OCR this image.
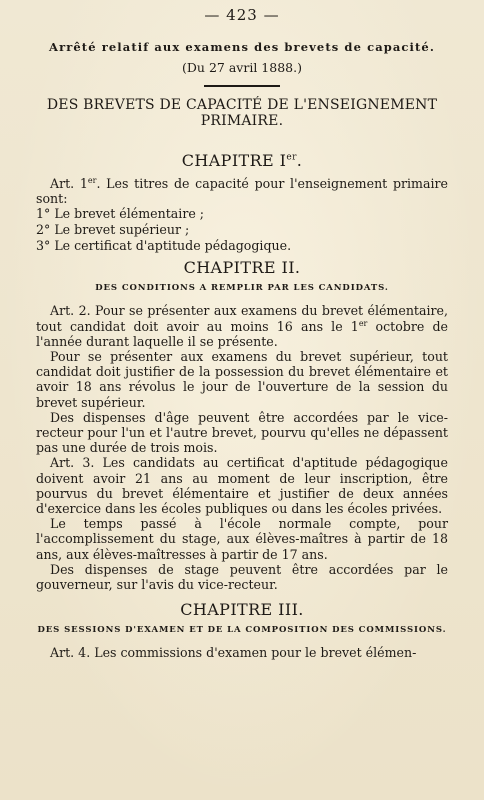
— 423 —
Arrêté relatif aux examens des brevets de capacité.
(Du 27 avril 1888.)
DES BREVETS DE CAPACITÉ DE L'ENSEIGNEMENT PRIMAIRE.
CHAPITRE Ier.

Art. 1er. Les titres de capacité pour l'enseignement primaire sont:

1° Le brevet élémentaire ;
2° Le brevet supérieur ;
3° Le certificat d'aptitude pédagogique.
CHAPITRE II.
DES CONDITIONS A REMPLIR PAR LES CANDIDATS.

Art. 2. Pour se présenter aux examens du brevet élémentaire, tout candidat doit avoir au moins 16 ans le 1er octobre de l'année durant laquelle il se présente.

Pour se présenter aux examens du brevet supérieur, tout candidat doit justifier de la possession du brevet élémentaire et avoir 18 ans révolus le jour de l'ouverture de la session du brevet supérieur.

Des dispenses d'âge peuvent être accordées par le vice-recteur pour l'un et l'autre brevet, pourvu qu'elles ne dépassent pas une durée de trois mois.

Art. 3. Les candidats au certificat d'aptitude pédagogique doivent avoir 21 ans au moment de leur inscription, être pourvus du brevet élémentaire et justifier de deux années d'exercice dans les écoles publiques ou dans les écoles privées.

Le temps passé à l'école normale compte, pour l'accomplissement du stage, aux élèves-maîtres à partir de 18 ans, aux élèves-maîtresses à partir de 17 ans.

Des dispenses de stage peuvent être accordées par le gouverneur, sur l'avis du vice-recteur.

CHAPITRE III.
DES SESSIONS D'EXAMEN ET DE LA COMPOSITION DES COMMISSIONS.

Art. 4. Les commissions d'examen pour le brevet élémen-
